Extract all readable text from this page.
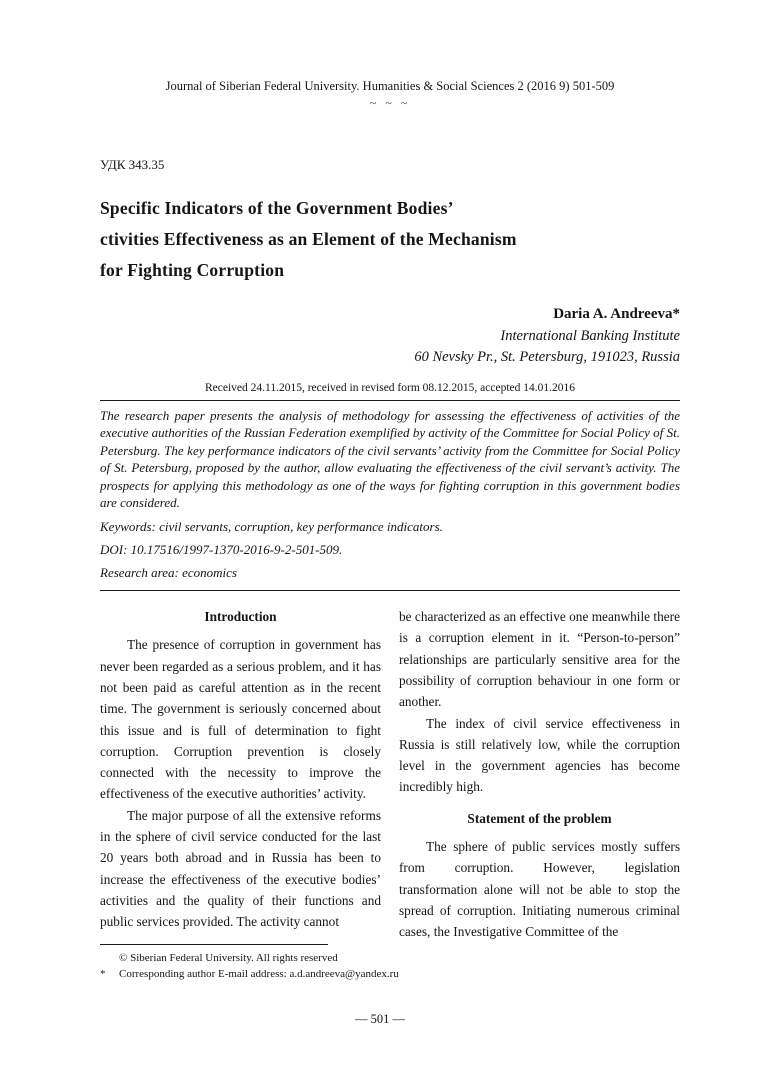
Journal of Siberian Federal University. Humanities & Social Sciences 2 (2016 9) 501-509
~ ~ ~
УДК 343.35
Specific Indicators of the Government Bodies’
ctivities Effectiveness as an Element of the Mechanism
for Fighting Corruption
Daria A. Andreeva*
International Banking Institute
60 Nevsky Pr., St. Petersburg, 191023, Russia
Received 24.11.2015, received in revised form 08.12.2015, accepted 14.01.2016
The research paper presents the analysis of methodology for assessing the effectiveness of activities of the executive authorities of the Russian Federation exemplified by activity of the Committee for Social Policy of St. Petersburg. The key performance indicators of the civil servants’ activity from the Committee for Social Policy of St. Petersburg, proposed by the author, allow evaluating the effectiveness of the civil servant’s activity. The prospects for applying this methodology as one of the ways for fighting corruption in this government bodies are considered.
Keywords: civil servants, corruption, key performance indicators.
DOI: 10.17516/1997-1370-2016-9-2-501-509.
Research area: economics
Introduction

The presence of corruption in government has never been regarded as a serious problem, and it has not been paid as careful attention as in the recent time. The government is seriously concerned about this issue and is full of determination to fight corruption. Corruption prevention is closely connected with the necessity to improve the effectiveness of the executive authorities’ activity.

The major purpose of all the extensive reforms in the sphere of civil service conducted for the last 20 years both abroad and in Russia has been to increase the effectiveness of the executive bodies’ activities and the quality of their functions and public services provided. The activity cannot

be characterized as an effective one meanwhile there is a corruption element in it. “Person-to-person” relationships are particularly sensitive area for the possibility of corruption behaviour in one form or another.

The index of civil service effectiveness in Russia is still relatively low, while the corruption level in the government agencies has become incredibly high.

Statement of the problem

The sphere of public services mostly suffers from corruption. However, legislation transformation alone will not be able to stop the spread of corruption. Initiating numerous criminal cases, the Investigative Committee of the

© Siberian Federal University. All rights reserved
*	Corresponding author E-mail address: a.d.andreeva@yandex.ru
— 501 —
